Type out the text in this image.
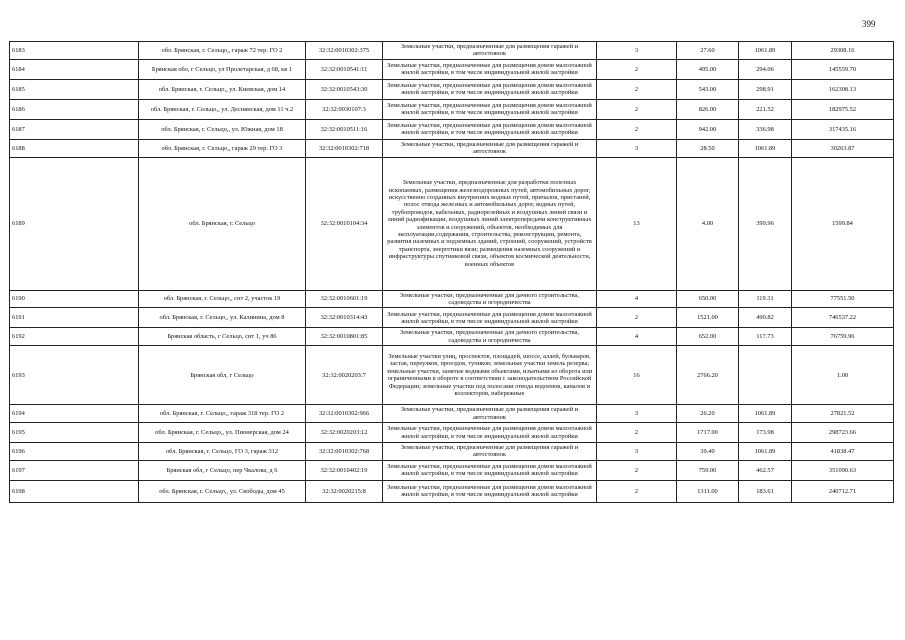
399
6183	обл. Брянская, г. Сельцо,, гараж 72 тер. ГО 2	32:32:0010302:375	Земельные участки, предназначенные для размещения гаражей и автостоянок	3	27.60	1061.89	29308.16
6184	Брянская обл, г Сельцо, ул Пролетарская, д 68, кв 1	32:32:0010541:11	Земельные участки, предназначенные для размещения домов малоэтажной жилой застройки, в том числе индивидуальной жилой застройки	2	495.00	294.06	145559.70
6185	обл. Брянская, г. Сельцо,, ул. Киевская, дом 14	32:32:0010543:30	Земельные участки, предназначенные для размещения домов малоэтажной жилой застройки, в том числе индивидуальной жилой застройки	2	543.00	298.91	162308.13
6186	обл. Брянская, г. Сельцо,, ул. Деснянская, дом 11 ч.2	32:32:0030107:3	Земельные участки, предназначенные для размещения домов малоэтажной жилой застройки, в том числе индивидуальной жилой застройки	2	826.00	221.52	182975.52
6187	обл. Брянская, г. Сельцо,, ул. Южная, дом 18	32:32:0010511:16	Земельные участки, предназначенные для размещения домов малоэтажной жилой застройки, в том числе индивидуальной жилой застройки	2	942.00	336.98	317435.16
6188	обл. Брянская, г. Сельцо,, гараж 29 тер. ГО 3	32:32:0010302:718	Земельные участки, предназначенные для размещения гаражей и автостоянок	3	28.50	1061.89	30263.87
6189	обл. Брянская, г. Сельцо	32:32:0010104:34	Земельные участки, предназначенные для разработки полезных ископаемых, размещения железнодорожных путей, автомобильных дорог, искусственно созданных внутренних водных путей, причалов, пристаней, полос отвода железных и автомобильных дорог, водных путей, трубопроводов, кабельных, радиорелейных и воздушных линий связи и линий радиофикации, воздушных линий электропередачи конструктивных элементов и сооружений, объектов, необходимых для эксплуатации,содержания, строительства, реконструкции, ремонта, развития наземных и подземных зданий, строений, сооружений, устройств транспорта, энергетики вязи; размещения наземных сооружений и инфраструктуры спутниковой связи, объектов космической деятельности, военных объектов	13	4.00	399.96	1599.84
6190	обл. Брянская, г. Сельцо,, снт 2, участок 19	32:32:0010601:19	Земельные участки, предназначенные для дачного строительства, садоводства и огородничества	4	650.00	119.31	77551.50
6191	обл. Брянская, г. Сельцо,, ул. Калинина, дом 8	32:32:0010314:43	Земельные участки, предназначенные для размещения домов малоэтажной жилой застройки, в том числе индивидуальной жилой застройки	2	1521.00	490.82	746537.22
6192	Брянская область, г Сельцо, снт 1, уч 86	32:32:0010801:85	Земельные участки, предназначенные для дачного строительства, садоводства и огородничества	4	652.00	117.73	76759.96
6193	Брянская обл, г Сельцо	32:32:0020203:7	Земельные участки улиц, проспектов, площадей, шоссе, аллей, бульваров, застав, переулков, проездов, тупиков; земельные участки земель резерва; земельные участки, занятые водными объектами, изъятыми из оборота или ограниченными в обороте в соответствии с законодательством Российской Федерации; земельные участки под полосами отвода водоемов, каналов и коллекторов, набережные	16	2766.20		1.00
6194	обл. Брянская, г. Сельцо,, гараж 318 тер. ГО 2	32:32:0010302:966	Земельные участки, предназначенные для размещения гаражей и автостоянок	3	26.20	1061.89	27821.52
6195	обл. Брянская, г. Сельцо,, ул. Пионерская, дом 24	32:32:0020203:12	Земельные участки, предназначенные для размещения домов малоэтажной жилой застройки, в том числе индивидуальной жилой застройки	2	1717.00	173.98	298723.66
6196	обл. Брянская, г. Сельцо, ГО 3, гараж 312	32:32:0010302:768	Земельные участки, предназначенные для размещения гаражей и автостоянок	3	39.40	1061.89	41838.47
6197	Брянская обл, г Сельцо, пер Чкалова, д 6	32:32:0010402:19	Земельные участки, предназначенные для размещения домов малоэтажной жилой застройки, в том числе индивидуальной жилой застройки	2	759.00	462.57	351090.63
6198	обл. Брянская, г. Сельцо,, ул. Свободы, дом 45	32:32:0020215:8	Земельные участки, предназначенные для размещения домов малоэтажной жилой застройки, в том числе индивидуальной жилой застройки	2	1311.00	183.61	240712.71
